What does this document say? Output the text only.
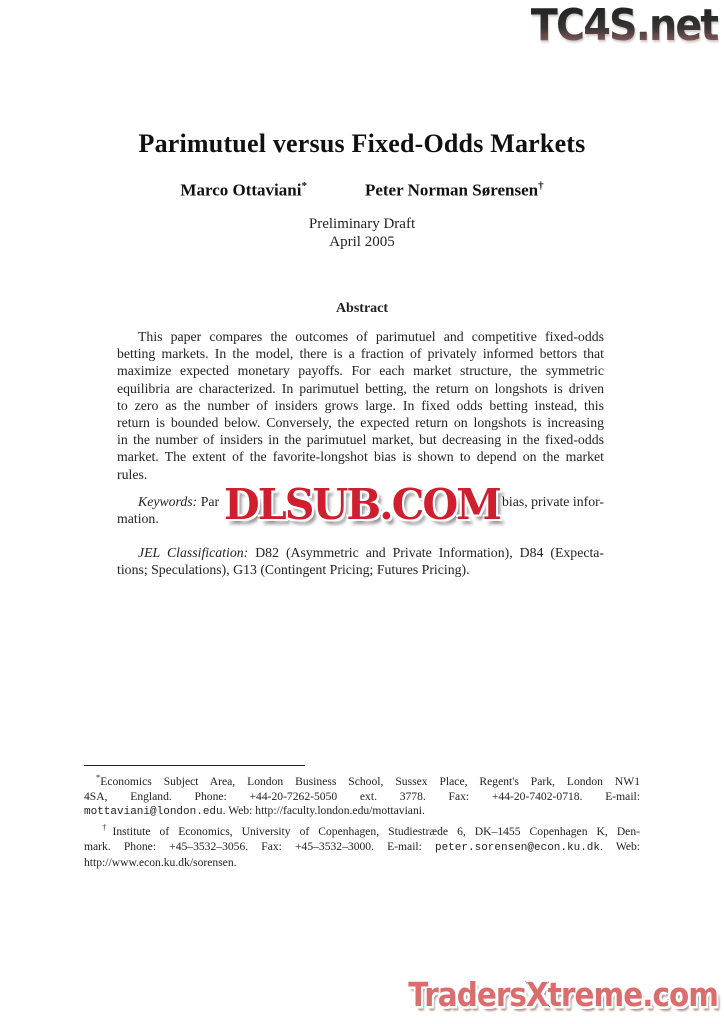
TC4S.net
Parimutuel versus Fixed-Odds Markets
Marco Ottaviani*	Peter Norman Sørensen†
Preliminary Draft
April 2005
Abstract
This paper compares the outcomes of parimutuel and competitive fixed-odds
betting markets. In the model, there is a fraction of privately informed bettors that
maximize expected monetary payoffs. For each market structure, the symmetric
equilibria are characterized. In parimutuel betting, the return on longshots is driven
to zero as the number of insiders grows large. In fixed odds betting instead, this
return is bounded below. Conversely, the expected return on longshots is increasing
in the number of insiders in the parimutuel market, but decreasing in the fixed-odds
market. The extent of the favorite-longshot bias is shown to depend on the market
rules.
Keywords: Par	bias, private infor-
mation.
JEL Classification: D82 (Asymmetric and Private Information), D84 (Expecta-
tions; Speculations), G13 (Contingent Pricing; Futures Pricing).
*Economics Subject Area, London Business School, Sussex Place, Regent's Park, London NW1
4SA, England. Phone: +44-20-7262-5050 ext. 3778. Fax: +44-20-7402-0718. E-mail:
mottaviani@london.edu. Web: http://faculty.london.edu/mottaviani.
†Institute of Economics, University of Copenhagen, Studiestræde 6, DK–1455 Copenhagen K, Den-
mark. Phone: +45–3532–3056. Fax: +45–3532–3000. E-mail: peter.sorensen@econ.ku.dk. Web:
http://www.econ.ku.dk/sorensen.
DLSUB.COM
TradersXtreme.com
